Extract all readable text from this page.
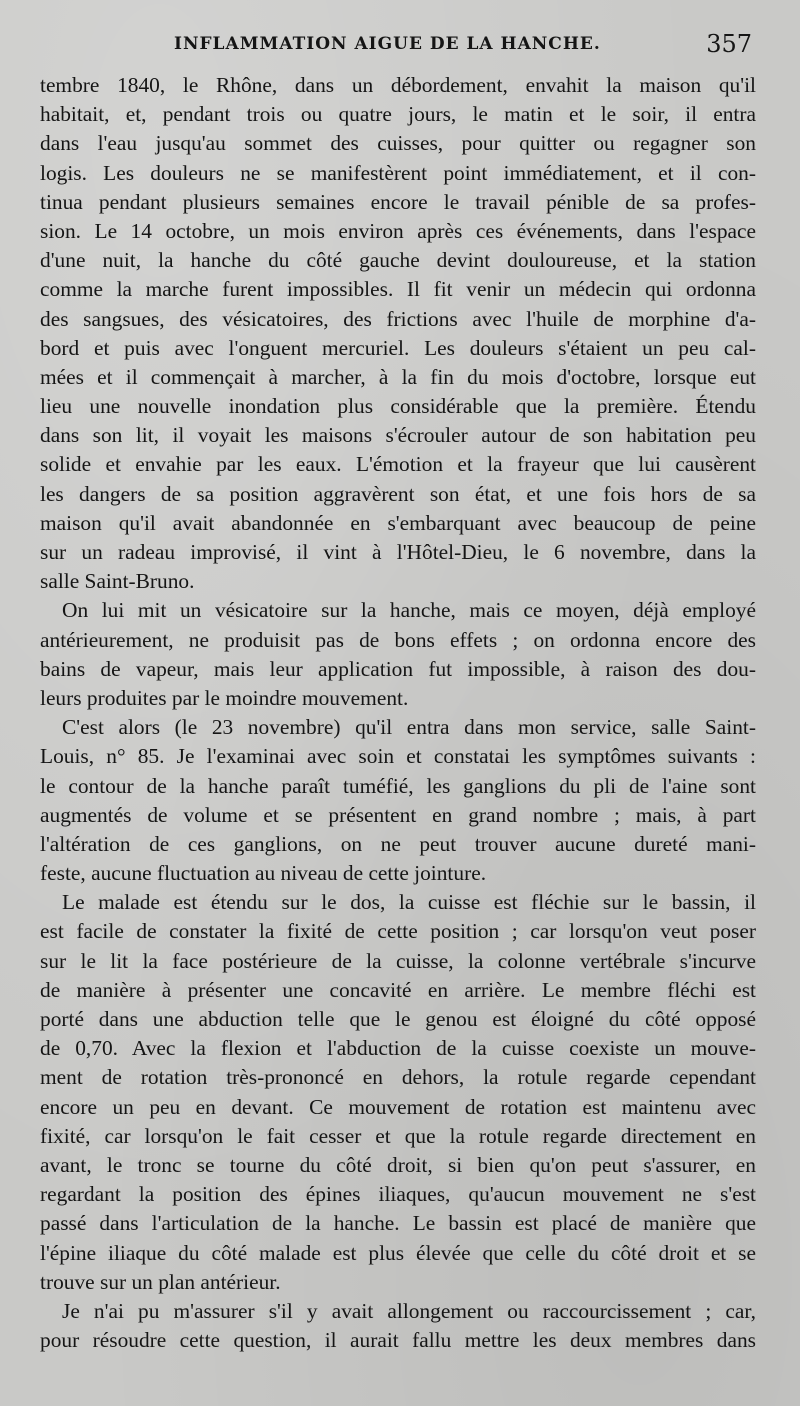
INFLAMMATION AIGUE DE LA HANCHE.	357
tembre 1840, le Rhône, dans un débordement, envahit la maison qu'il
habitait, et, pendant trois ou quatre jours, le matin et le soir, il entra
dans l'eau jusqu'au sommet des cuisses, pour quitter ou regagner son
logis. Les douleurs ne se manifestèrent point immédiatement, et il con-
tinua pendant plusieurs semaines encore le travail pénible de sa profes-
sion. Le 14 octobre, un mois environ après ces événements, dans l'espace
d'une nuit, la hanche du côté gauche devint douloureuse, et la station
comme la marche furent impossibles. Il fit venir un médecin qui ordonna
des sangsues, des vésicatoires, des frictions avec l'huile de morphine d'a-
bord et puis avec l'onguent mercuriel. Les douleurs s'étaient un peu cal-
mées et il commençait à marcher, à la fin du mois d'octobre, lorsque eut
lieu une nouvelle inondation plus considérable que la première. Étendu
dans son lit, il voyait les maisons s'écrouler autour de son habitation peu
solide et envahie par les eaux. L'émotion et la frayeur que lui causèrent
les dangers de sa position aggravèrent son état, et une fois hors de sa
maison qu'il avait abandonnée en s'embarquant avec beaucoup de peine
sur un radeau improvisé, il vint à l'Hôtel-Dieu, le 6 novembre, dans la
salle Saint-Bruno.
On lui mit un vésicatoire sur la hanche, mais ce moyen, déjà employé
antérieurement, ne produisit pas de bons effets ; on ordonna encore des
bains de vapeur, mais leur application fut impossible, à raison des dou-
leurs produites par le moindre mouvement.
C'est alors (le 23 novembre) qu'il entra dans mon service, salle Saint-
Louis, n° 85. Je l'examinai avec soin et constatai les symptômes suivants :
le contour de la hanche paraît tuméfié, les ganglions du pli de l'aine sont
augmentés de volume et se présentent en grand nombre ; mais, à part
l'altération de ces ganglions, on ne peut trouver aucune dureté mani-
feste, aucune fluctuation au niveau de cette jointure.
Le malade est étendu sur le dos, la cuisse est fléchie sur le bassin, il
est facile de constater la fixité de cette position ; car lorsqu'on veut poser
sur le lit la face postérieure de la cuisse, la colonne vertébrale s'incurve
de manière à présenter une concavité en arrière. Le membre fléchi est
porté dans une abduction telle que le genou est éloigné du côté opposé
de 0,70. Avec la flexion et l'abduction de la cuisse coexiste un mouve-
ment de rotation très-prononcé en dehors, la rotule regarde cependant
encore un peu en devant. Ce mouvement de rotation est maintenu avec
fixité, car lorsqu'on le fait cesser et que la rotule regarde directement en
avant, le tronc se tourne du côté droit, si bien qu'on peut s'assurer, en
regardant la position des épines iliaques, qu'aucun mouvement ne s'est
passé dans l'articulation de la hanche. Le bassin est placé de manière que
l'épine iliaque du côté malade est plus élevée que celle du côté droit et se
trouve sur un plan antérieur.
Je n'ai pu m'assurer s'il y avait allongement ou raccourcissement ; car,
pour résoudre cette question, il aurait fallu mettre les deux membres dans
